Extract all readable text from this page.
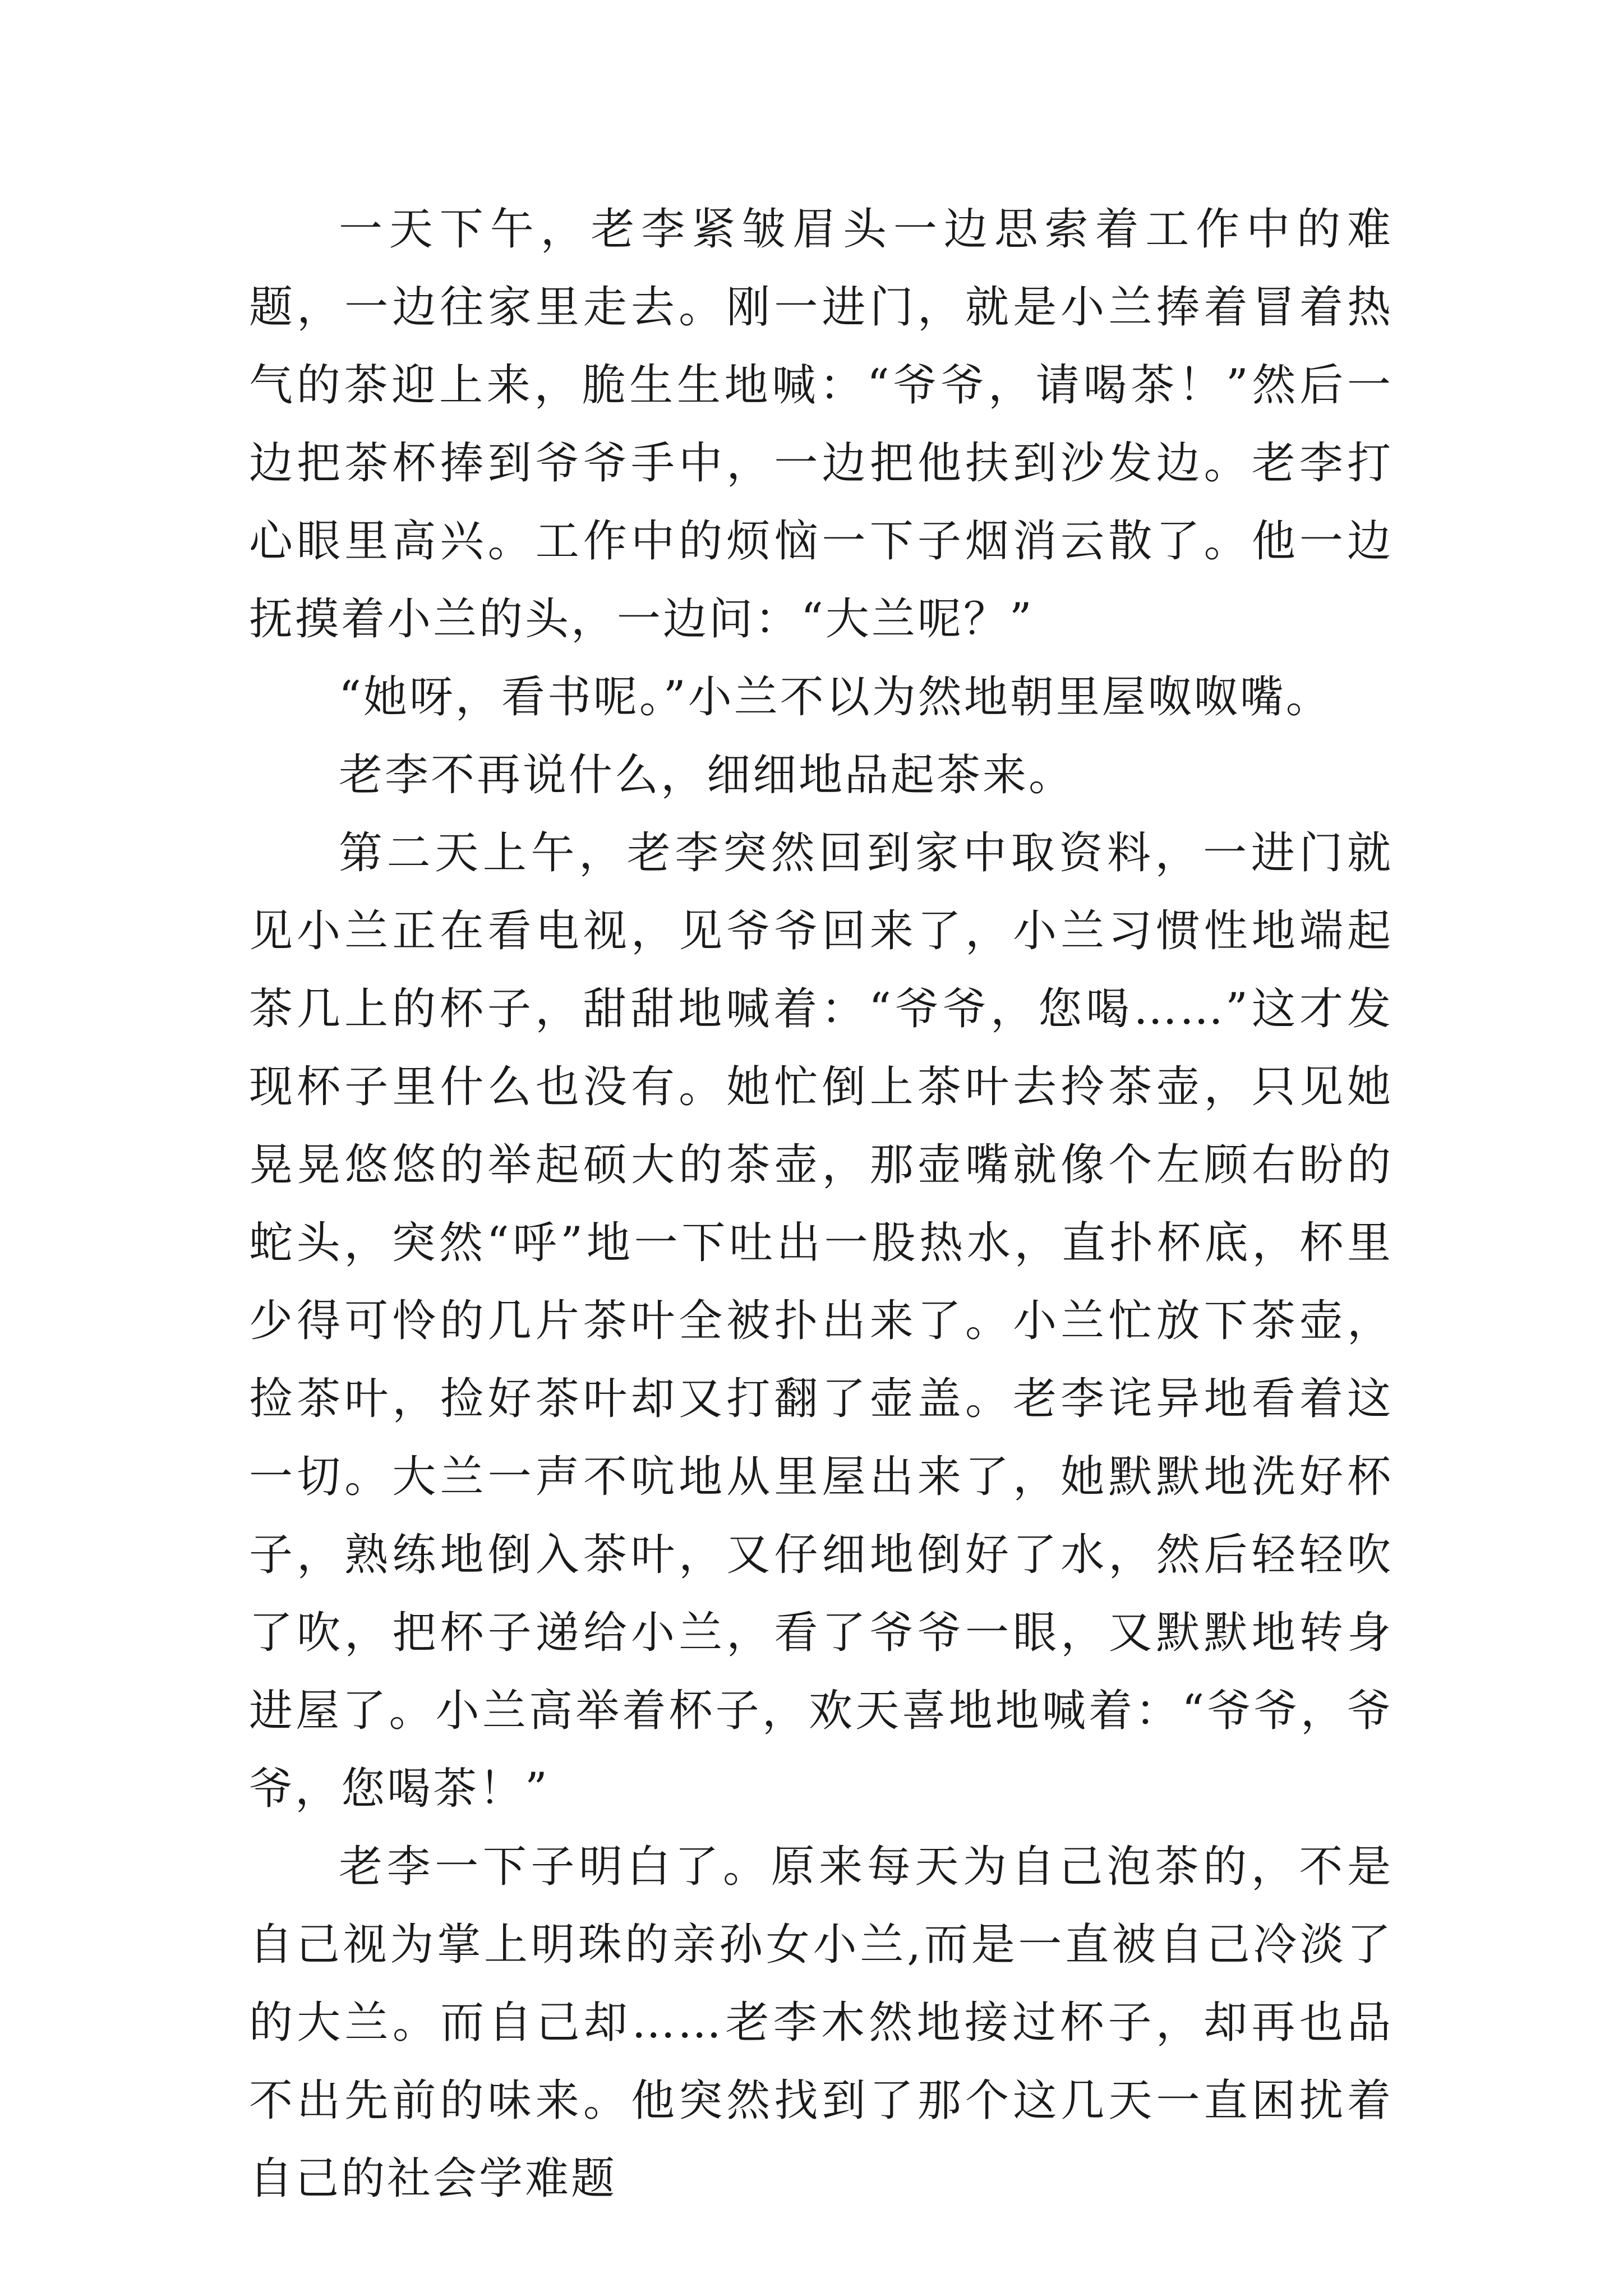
一天下午，老李紧皱眉头一边思索着工作中的难题，一边往家里走去。刚一进门，就是小兰捧着冒着热气的茶迎上来，脆生生地喊：“爷爷，请喝茶！”然后一边把茶杯捧到爷爷手中，一边把他扶到沙发边。老李打心眼里高兴。工作中的烦恼一下子烟消云散了。他一边抚摸着小兰的头，一边问：“大兰呢？”

“她呀，看书呢。”小兰不以为然地朝里屋呶呶嘴。

老李不再说什么，细细地品起茶来。

第二天上午，老李突然回到家中取资料，一进门就见小兰正在看电视，见爷爷回来了，小兰习惯性地端起茶几上的杯子，甜甜地喊着：“爷爷，您喝……”这才发现杯子里什么也没有。她忙倒上茶叶去拎茶壶，只见她晃晃悠悠的举起硕大的茶壶，那壶嘴就像个左顾右盼的蛇头，突然“呼”地一下吐出一股热水，直扑杯底，杯里少得可怜的几片茶叶全被扑出来了。小兰忙放下茶壶，捡茶叶，捡好茶叶却又打翻了壶盖。老李诧异地看着这一切。大兰一声不吭地从里屋出来了，她默默地洗好杯子，熟练地倒入茶叶，又仔细地倒好了水，然后轻轻吹了吹，把杯子递给小兰，看了爷爷一眼，又默默地转身进屋了。小兰高举着杯子，欢天喜地地喊着：“爷爷，爷爷，您喝茶！”

老李一下子明白了。原来每天为自己泡茶的，不是自己视为掌上明珠的亲孙女小兰,而是一直被自己冷淡了的大兰。而自己却……老李木然地接过杯子，却再也品不出先前的味来。他突然找到了那个这几天一直困扰着自己的社会学难题
